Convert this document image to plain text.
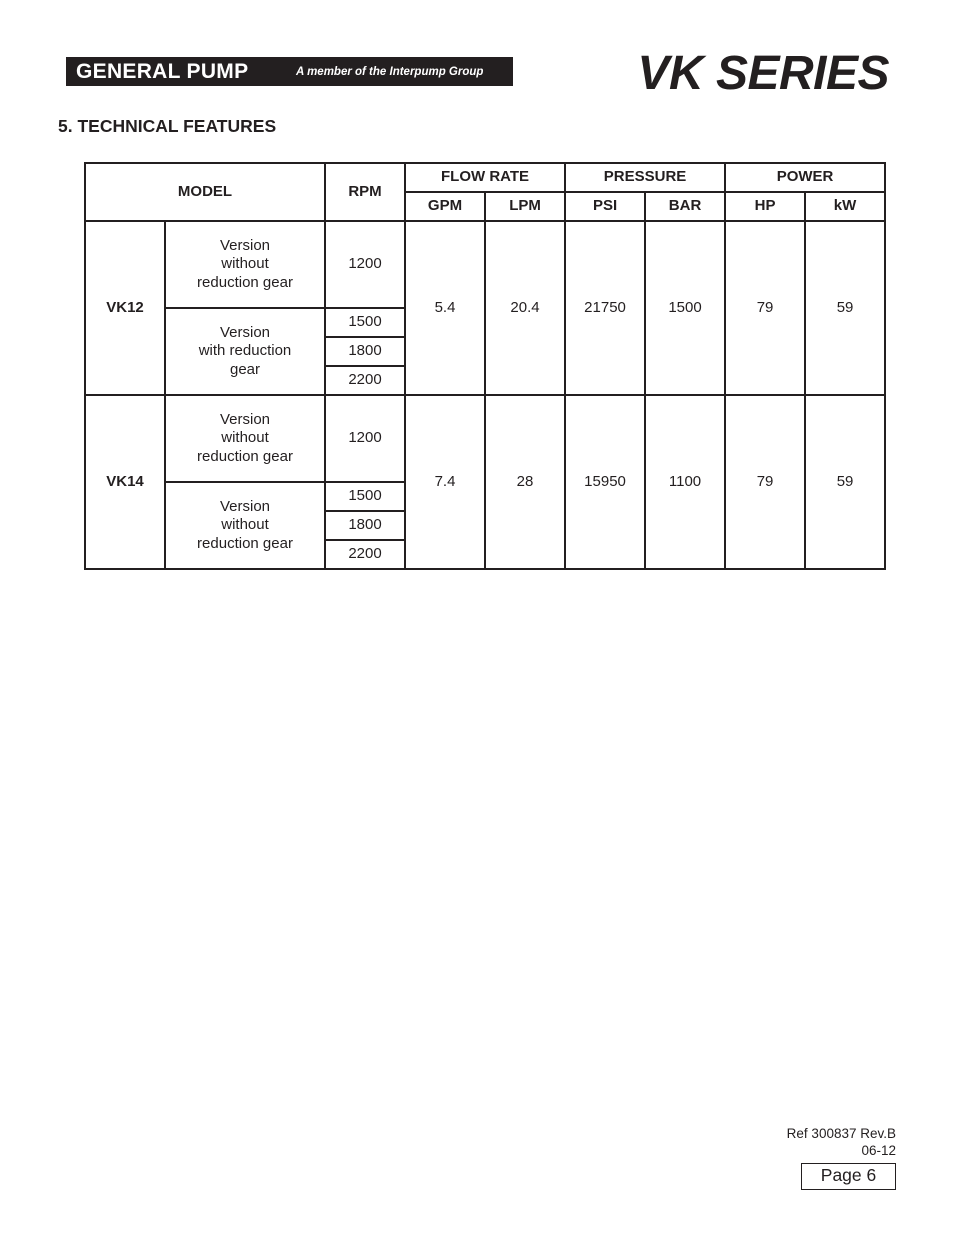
GENERAL PUMP	A member of the Interpump Group	VK SERIES
5. TECHNICAL FEATURES
MODEL		RPM	FLOW RATE		PRESSURE		POWER	
			GPM	LPM	PSI	BAR	HP	kW
VK12	Version
without
reduction gear	1200	5.4	20.4	21750	1500	79	59

	Version
with reduction
gear	1500						
		1800						
		2200						
VK14	Version
without
reduction gear	1200	7.4	28	15950	1100	79	59

	Version
without
reduction gear	1500						
		1800						
		2200						
Ref 300837 Rev.B
06-12
Page 6
